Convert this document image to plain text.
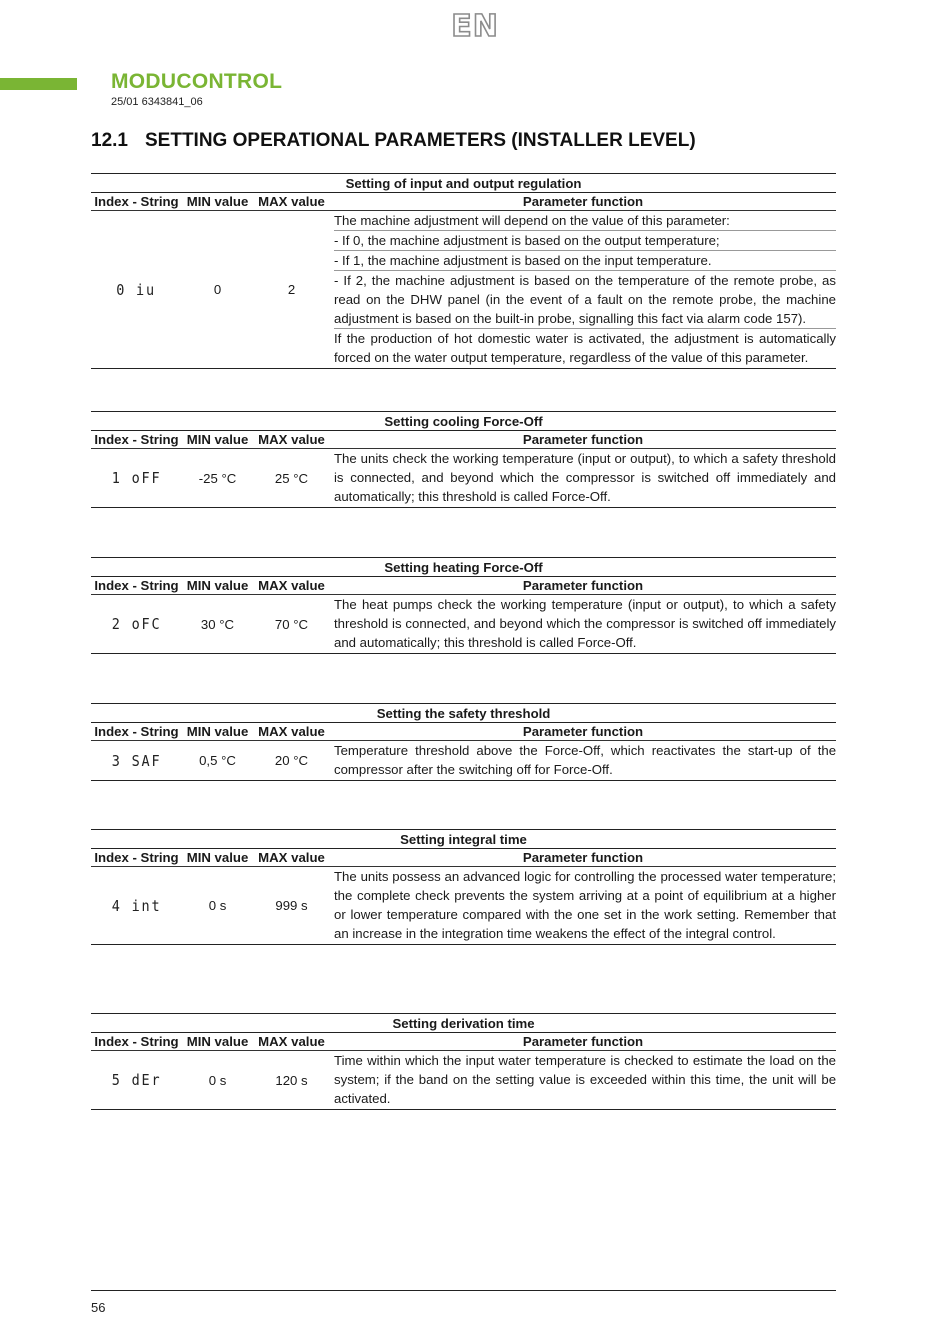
EN
MODUCONTROL
25/01 6343841_06
12.1 SETTING OPERATIONAL PARAMETERS (INSTALLER LEVEL)
Setting of input and output regulation			
Index - String	MIN value	MAX value	Parameter function
0 iu	0	2	The machine adjustment will depend on the value of this parameter:

- If 0, the machine adjustment is based on the output temperature;

- If 1, the machine adjustment is based on the input temperature.

- If 2, the machine adjustment is based on the temperature of the remote probe, as read on the DHW panel (in the event of a fault on the remote probe, the machine adjustment is based on the built-in probe, signalling this fact via alarm code 157).

If the production of hot domestic water is activated, the adjustment is automatically forced on the water output temperature, regardless of the value of this parameter.

Setting cooling Force-Off			
Index - String	MIN value	MAX value	Parameter function
1 oFF	-25 °C	25 °C	The units check the working temperature (input or output), to which a safety threshold is connected, and beyond which the compressor is switched off immediately and automatically; this threshold is called Force-Off.

Setting heating Force-Off			
Index - String	MIN value	MAX value	Parameter function
2 oFC	30 °C	70 °C	The heat pumps check the working temperature (input or output), to which a safety threshold is connected, and beyond which the compressor is switched off immediately and automatically; this threshold is called Force-Off.

Setting the safety threshold			
Index - String	MIN value	MAX value	Parameter function
3 SAF	0,5 °C	20 °C	Temperature threshold above the Force-Off, which reactivates the start-up of the compressor after the switching off for Force-Off.

Setting integral time			
Index - String	MIN value	MAX value	Parameter function
4 int	0 s	999 s	The units possess an advanced logic for controlling the processed water temperature; the complete check prevents the system arriving at a point of equilibrium at a higher or lower temperature compared with the one set in the work setting. Remember that an increase in the integration time weakens the effect of the integral control.

Setting derivation time			
Index - String	MIN value	MAX value	Parameter function
5 dEr	0 s	120 s	Time within which the input water temperature is checked to estimate the load on the system; if the band on the setting value is exceeded within this time, the unit will be activated.

56
